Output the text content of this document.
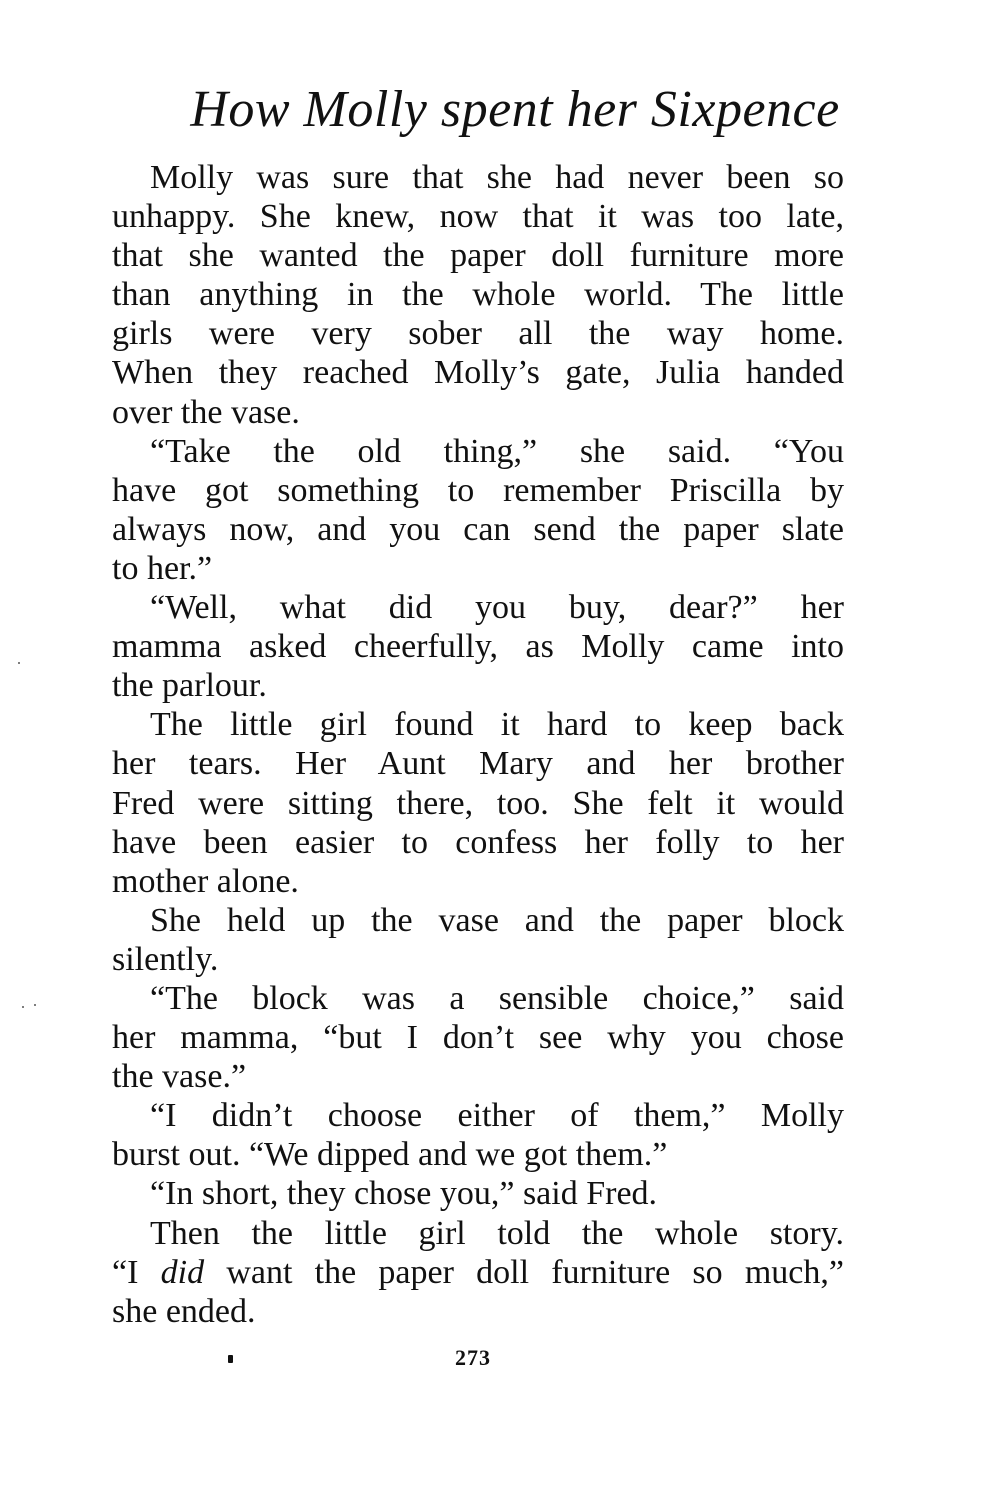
How Molly spent her Sixpence
Molly was sure that she had never been so
unhappy. She knew, now that it was too late,
that she wanted the paper doll furniture more
than anything in the whole world. The little
girls were very sober all the way home.
When they reached Molly’s gate, Julia handed
over the vase.
“Take the old thing,” she said. “You
have got something to remember Priscilla by
always now, and you can send the paper slate
to her.”
“Well, what did you buy, dear?” her
mamma asked cheerfully, as Molly came into
the parlour.
The little girl found it hard to keep back
her tears. Her Aunt Mary and her brother
Fred were sitting there, too. She felt it would
have been easier to confess her folly to her
mother alone.
She held up the vase and the paper block
silently.
“The block was a sensible choice,” said
her mamma, “but I don’t see why you chose
the vase.”
“I didn’t choose either of them,” Molly
burst out. “We dipped and we got them.”
“In short, they chose you,” said Fred.
Then the little girl told the whole story.
“I did want the paper doll furniture so much,”
she ended.
273
